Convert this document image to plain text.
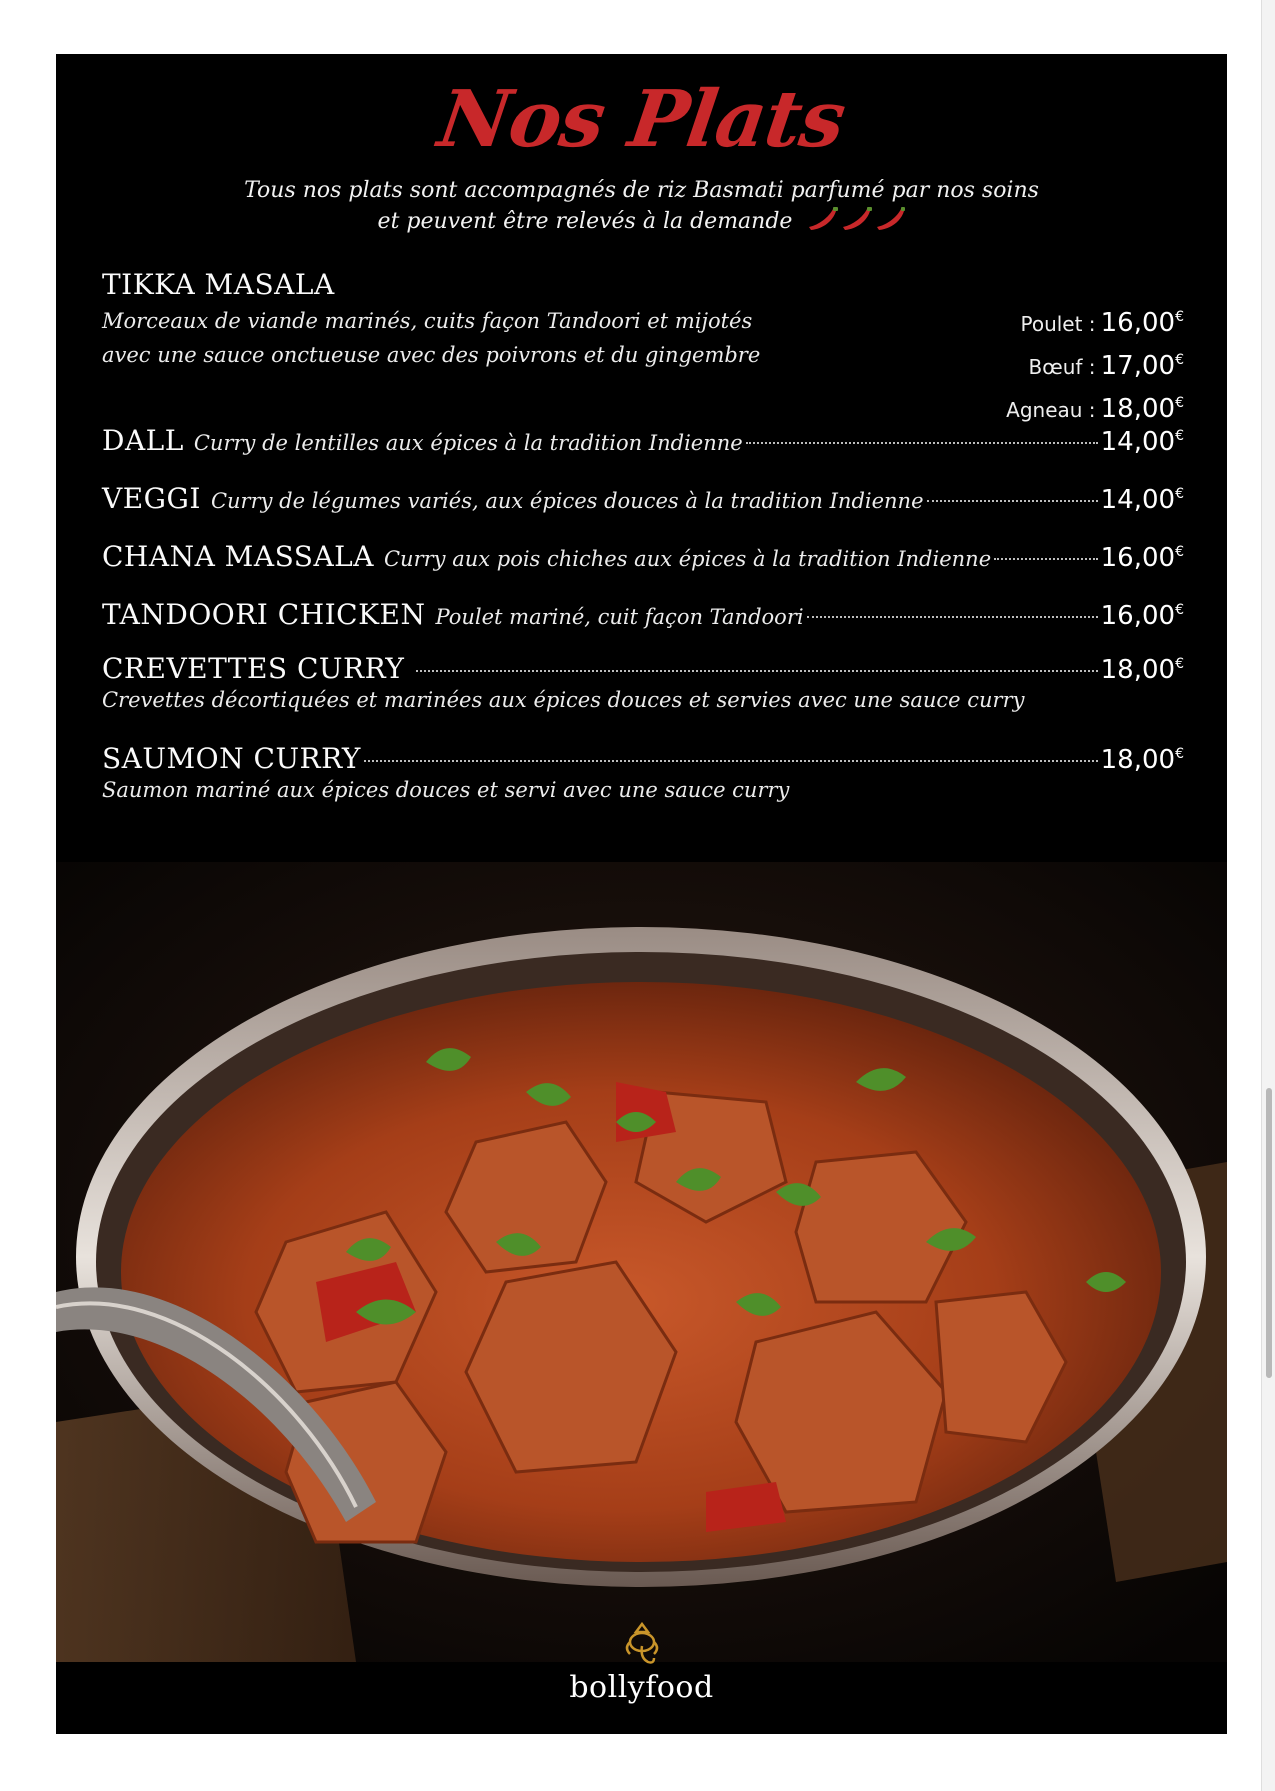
Nos Plats
Tous nos plats sont accompagnés de riz Basmati parfumé par nos soins
et peuvent être relevés à la demande
TIKKA MASALA
Morceaux de viande marinés, cuits façon Tandoori et mijotés
avec une sauce onctueuse avec des poivrons et du gingembre
Poulet : 16,00€
Bœuf : 17,00€
Agneau : 18,00€
DALL Curry de lentilles aux épices à la tradition Indienne	14,00€
VEGGI Curry de légumes variés, aux épices douces à la tradition Indienne	14,00€
CHANA MASSALA Curry aux pois chiches aux épices à la tradition Indienne	16,00€
TANDOORI CHICKEN Poulet mariné, cuit façon Tandoori	16,00€
CREVETTES CURRY	18,00€
Crevettes décortiquées et marinées aux épices douces et servies avec une sauce curry
SAUMON CURRY	18,00€
Saumon mariné aux épices douces et servi avec une sauce curry
bollyfood
